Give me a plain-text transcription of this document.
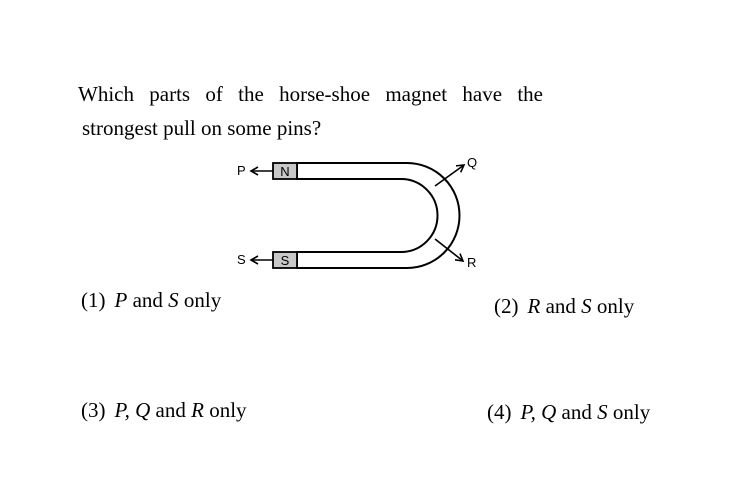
Which parts of the horse-shoe magnet have the
strongest pull on some pins?

N
S
P
S
Q
R
(1) P and S only	(2) R and S only
(3) P, Q and R only	(4) P, Q and S only
